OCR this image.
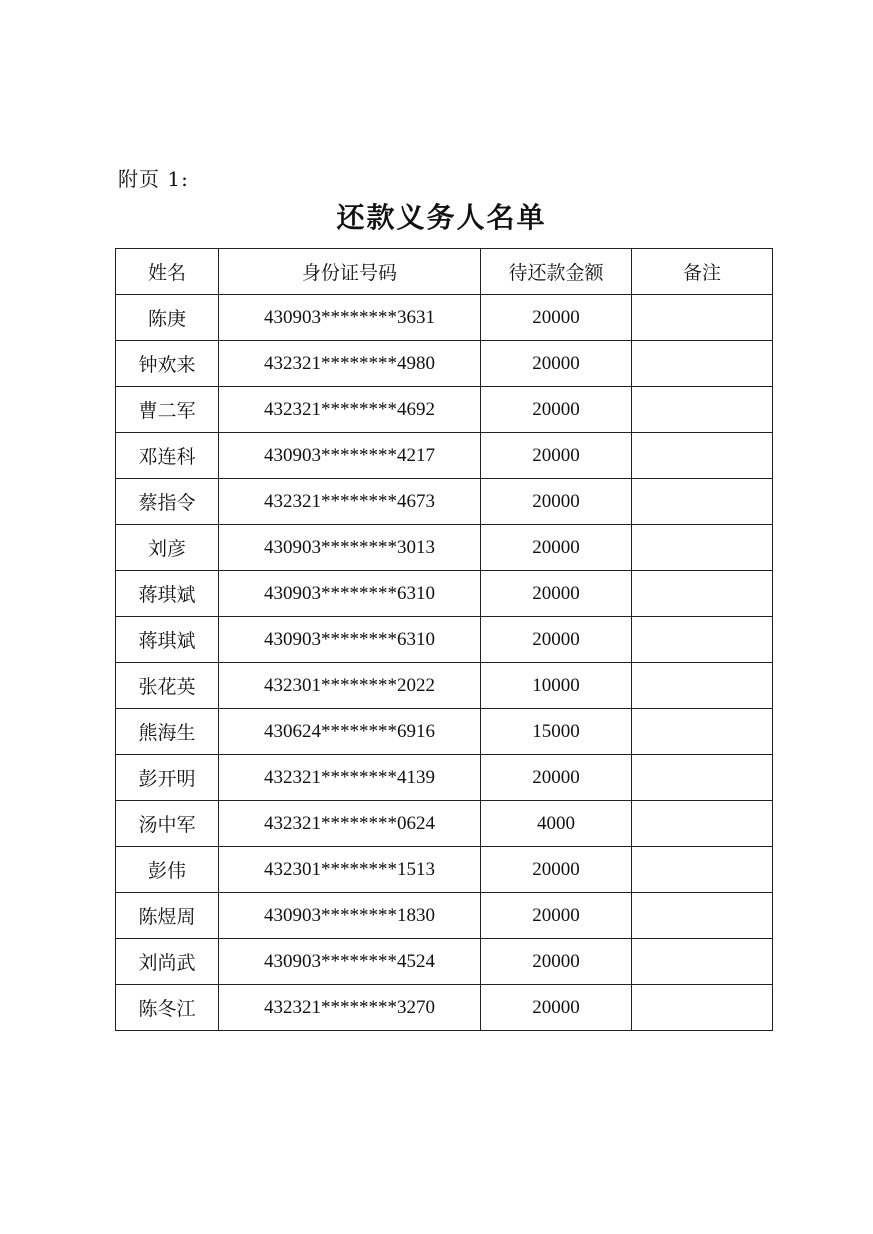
附页 1:
还款义务人名单
姓名	身份证号码	待还款金额	备注
陈庚	430903********3631	20000	
钟欢来	432321********4980	20000	
曹二军	432321********4692	20000	
邓连科	430903********4217	20000	
蔡指令	432321********4673	20000	
刘彦	430903********3013	20000	
蒋琪斌	430903********6310	20000	
蒋琪斌	430903********6310	20000	
张花英	432301********2022	10000	
熊海生	430624********6916	15000	
彭开明	432321********4139	20000	
汤中军	432321********0624	4000	
彭伟	432301********1513	20000	
陈煜周	430903********1830	20000	
刘尚武	430903********4524	20000	
陈冬江	432321********3270	20000	
